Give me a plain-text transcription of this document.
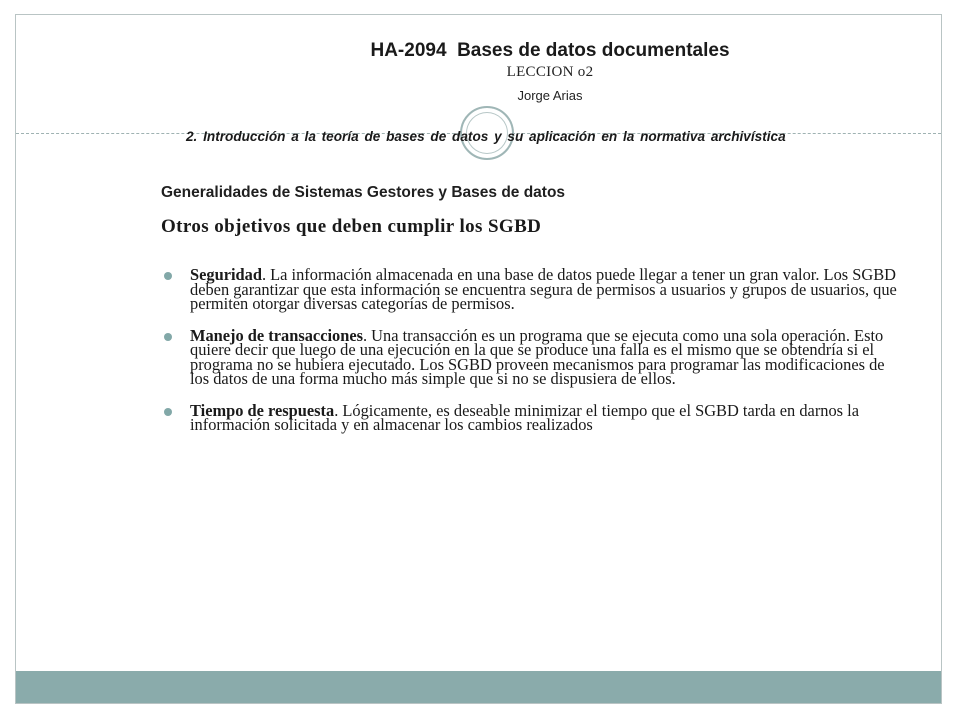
HA-2094  Bases de datos documentales
LECCION o2
Jorge Arias
2. Introducción a la teoría de bases de datos y su aplicación en la normativa archivística
Generalidades de Sistemas Gestores y Bases de datos
Otros objetivos que deben cumplir los SGBD
Seguridad. La información almacenada en una base de datos puede llegar a tener un gran valor. Los SGBD deben garantizar que esta información se encuentra segura de permisos a usuarios y grupos de usuarios, que permiten otorgar diversas categorías de permisos.
Manejo de transacciones. Una transacción es un programa que se ejecuta como una sola operación. Esto quiere decir que luego de una ejecución en la que se produce una falla es el mismo que se obtendría si el programa no se hubiera ejecutado. Los SGBD proveen mecanismos para programar las modificaciones de los datos de una forma mucho más simple que si no se dispusiera de ellos.
Tiempo de respuesta. Lógicamente, es deseable minimizar el tiempo que el SGBD tarda en darnos la información solicitada y en almacenar los cambios realizados
